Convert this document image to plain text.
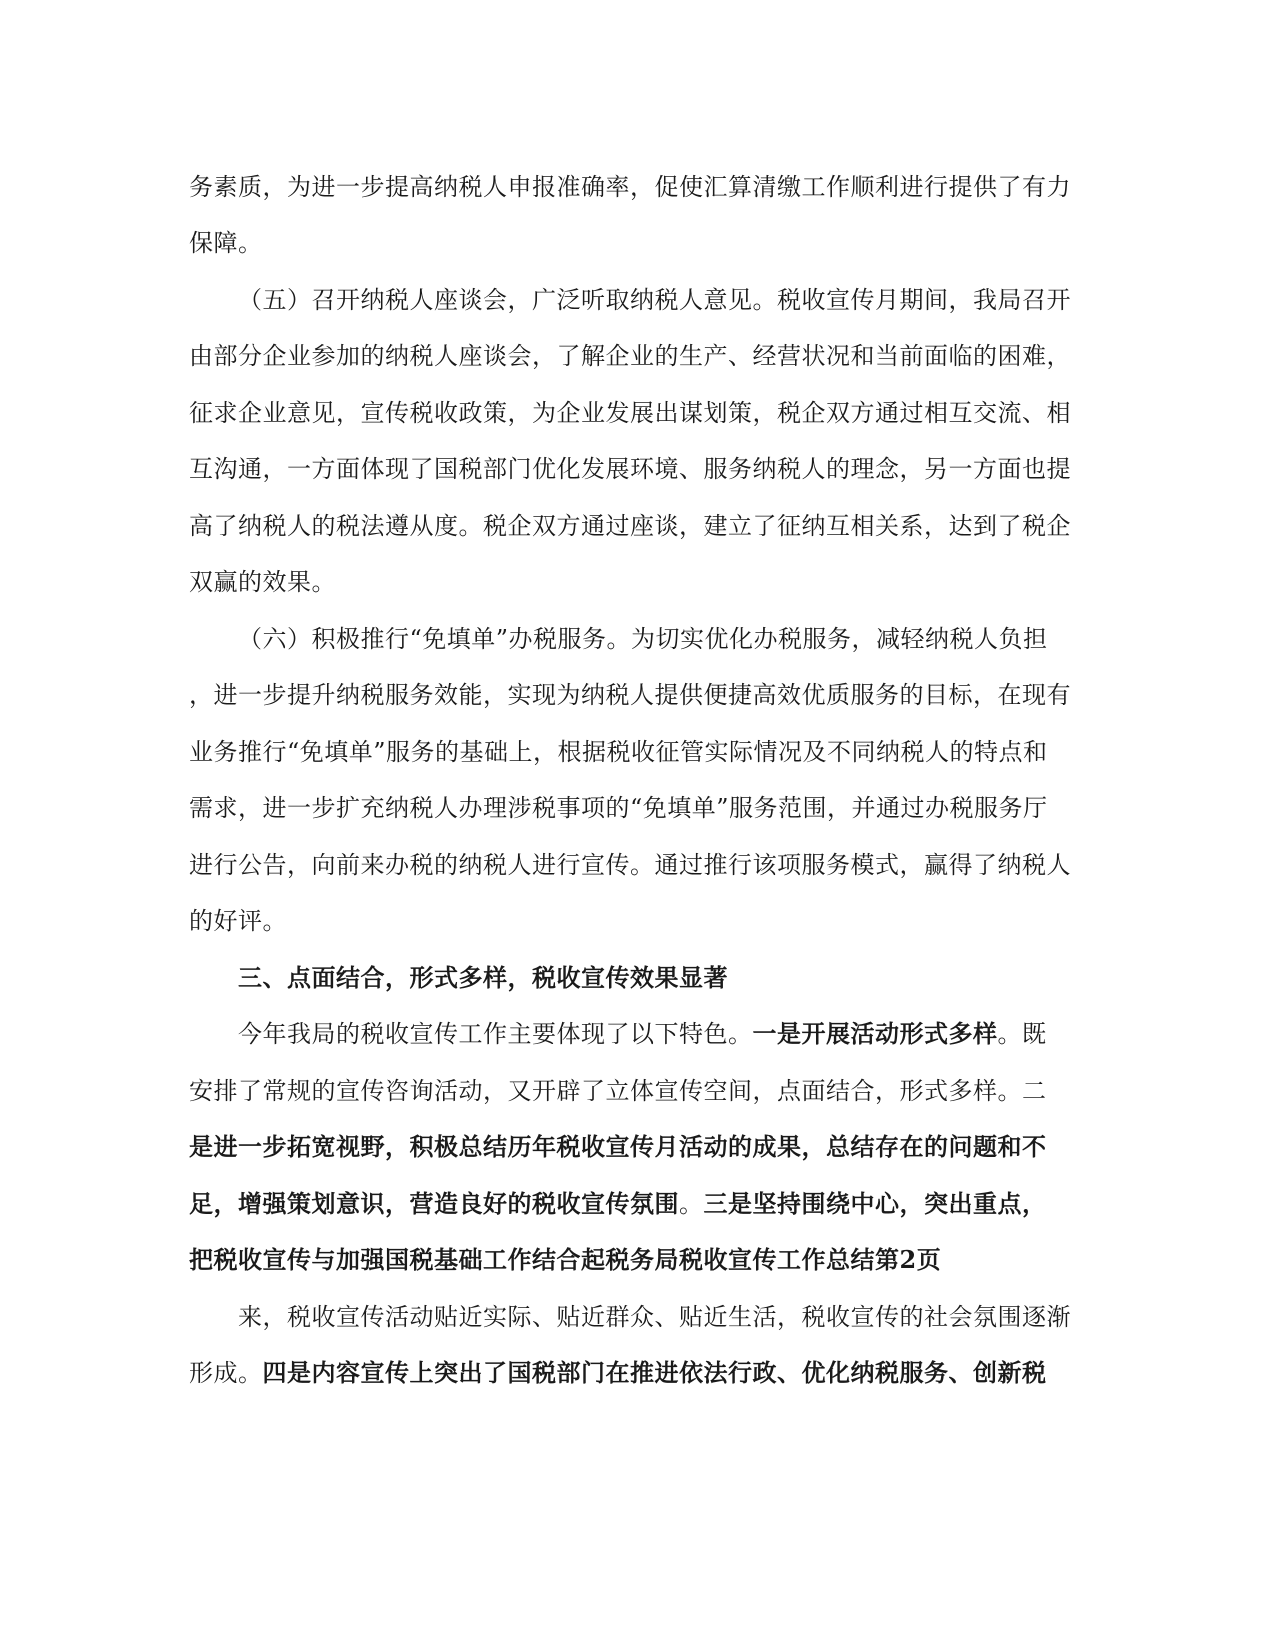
务素质，为进一步提高纳税人申报准确率，促使汇算清缴工作顺利进行提供了有力
保障。
（五）召开纳税人座谈会，广泛听取纳税人意见。税收宣传月期间，我局召开
由部分企业参加的纳税人座谈会，了解企业的生产、经营状况和当前面临的困难，
征求企业意见，宣传税收政策，为企业发展出谋划策，税企双方通过相互交流、相
互沟通，一方面体现了国税部门优化发展环境、服务纳税人的理念，另一方面也提
高了纳税人的税法遵从度。税企双方通过座谈，建立了征纳互相关系，达到了税企
双赢的效果。
（六）积极推行“免填单”办税服务。为切实优化办税服务，减轻纳税人负担
，进一步提升纳税服务效能，实现为纳税人提供便捷高效优质服务的目标，在现有
业务推行“免填单”服务的基础上，根据税收征管实际情况及不同纳税人的特点和
需求，进一步扩充纳税人办理涉税事项的“免填单”服务范围，并通过办税服务厅
进行公告，向前来办税的纳税人进行宣传。通过推行该项服务模式，赢得了纳税人
的好评。
三、点面结合，形式多样，税收宣传效果显著
今年我局的税收宣传工作主要体现了以下特色。一是开展活动形式多样。既
安排了常规的宣传咨询活动，又开辟了立体宣传空间，点面结合，形式多样。二
是进一步拓宽视野，积极总结历年税收宣传月活动的成果，总结存在的问题和不
足，增强策划意识，营造良好的税收宣传氛围。三是坚持围绕中心，突出重点，
把税收宣传与加强国税基础工作结合起税务局税收宣传工作总结第2页
来，税收宣传活动贴近实际、贴近群众、贴近生活，税收宣传的社会氛围逐渐
形成。四是内容宣传上突出了国税部门在推进依法行政、优化纳税服务、创新税
